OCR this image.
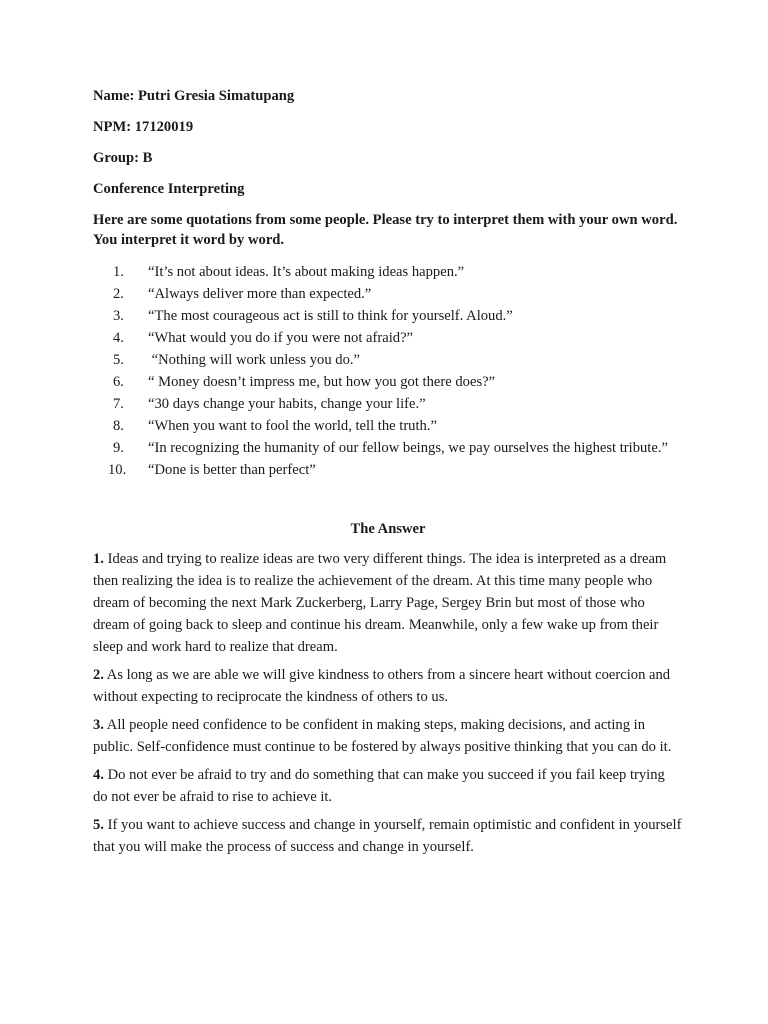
Name: Putri Gresia Simatupang

NPM: 17120019

Group: B

Conference Interpreting

Here are some quotations from some people. Please try to interpret them with your own word. You interpret it word by word.

1.	“It’s not about ideas. It’s about making ideas happen.”
2.	“Always deliver more than expected.”
3.	“The most courageous act is still to think for yourself. Aloud.”
4.	“What would you do if you were not afraid?”
5.	“Nothing will work unless you do.”
6.	“ Money doesn’t impress me, but how you got there does?”
7.	“30 days change your habits, change your life.”
8.	“When you want to fool the world, tell the truth.”
9.	“In recognizing the humanity of our fellow beings, we pay ourselves the highest tribute.”
10.	“Done is better than perfect”

The Answer

1. Ideas and trying to realize ideas are two very different things. The idea is interpreted as a dream then realizing the idea is to realize the achievement of the dream. At this time many people who dream of becoming the next Mark Zuckerberg, Larry Page, Sergey Brin but most of those who dream of going back to sleep and continue his dream. Meanwhile, only a few wake up from their sleep and work hard to realize that dream.

2. As long as we are able we will give kindness to others from a sincere heart without coercion and without expecting to reciprocate the kindness of others to us.

3. All people need confidence to be confident in making steps, making decisions, and acting in public. Self-confidence must continue to be fostered by always positive thinking that you can do it.

4. Do not ever be afraid to try and do something that can make you succeed if you fail keep trying do not ever be afraid to rise to achieve it.

5. If you want to achieve success and change in yourself, remain optimistic and confident in yourself that you will make the process of success and change in yourself.
